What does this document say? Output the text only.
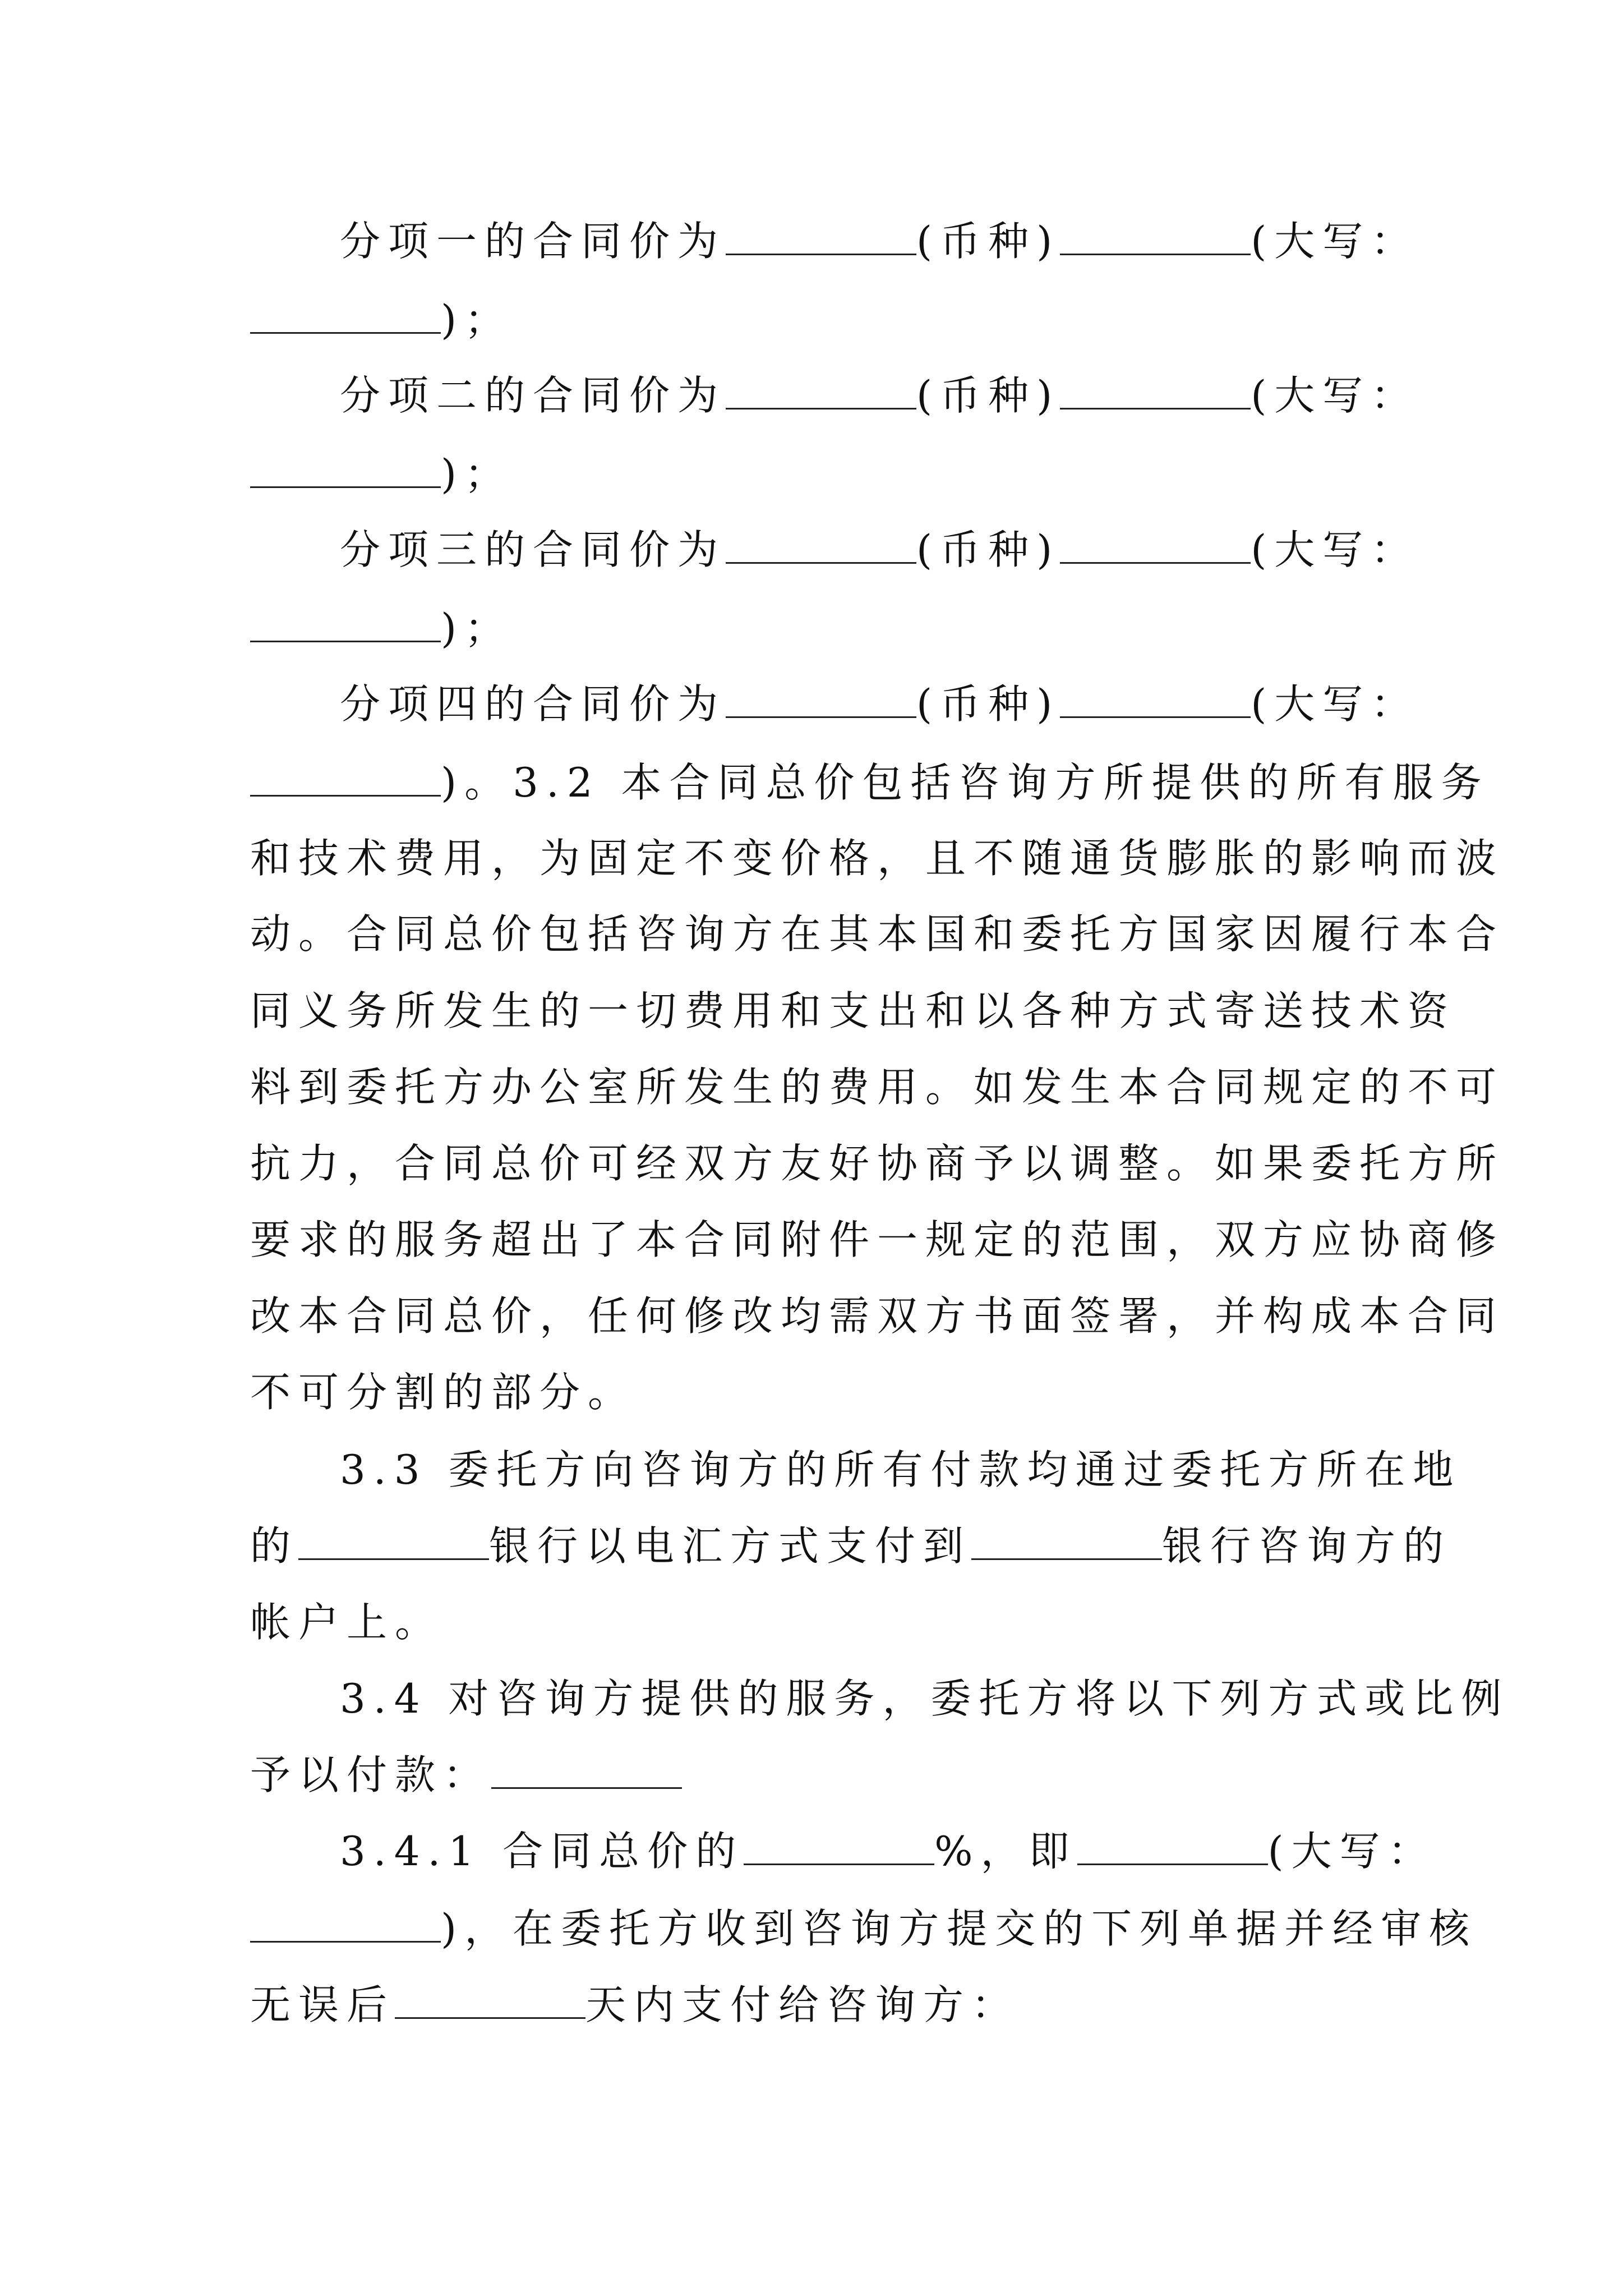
分项一的合同价为	(币种)	(大写：
)；
分项二的合同价为	(币种)	(大写：
)；
分项三的合同价为	(币种)	(大写：
)；
分项四的合同价为	(币种)	(大写：
)。3.2 本合同总价包括咨询方所提供的所有服务
和技术费用，为固定不变价格，且不随通货膨胀的影响而波
动。合同总价包括咨询方在其本国和委托方国家因履行本合
同义务所发生的一切费用和支出和以各种方式寄送技术资
料到委托方办公室所发生的费用。如发生本合同规定的不可
抗力，合同总价可经双方友好协商予以调整。如果委托方所
要求的服务超出了本合同附件一规定的范围，双方应协商修
改本合同总价，任何修改均需双方书面签署，并构成本合同
不可分割的部分。
3.3 委托方向咨询方的所有付款均通过委托方所在地
的	银行以电汇方式支付到	银行咨询方的
帐户上。
3.4 对咨询方提供的服务，委托方将以下列方式或比例
予以付款：
3.4.1 合同总价的	%，即	(大写：
)，在委托方收到咨询方提交的下列单据并经审核
无误后	天内支付给咨询方：
